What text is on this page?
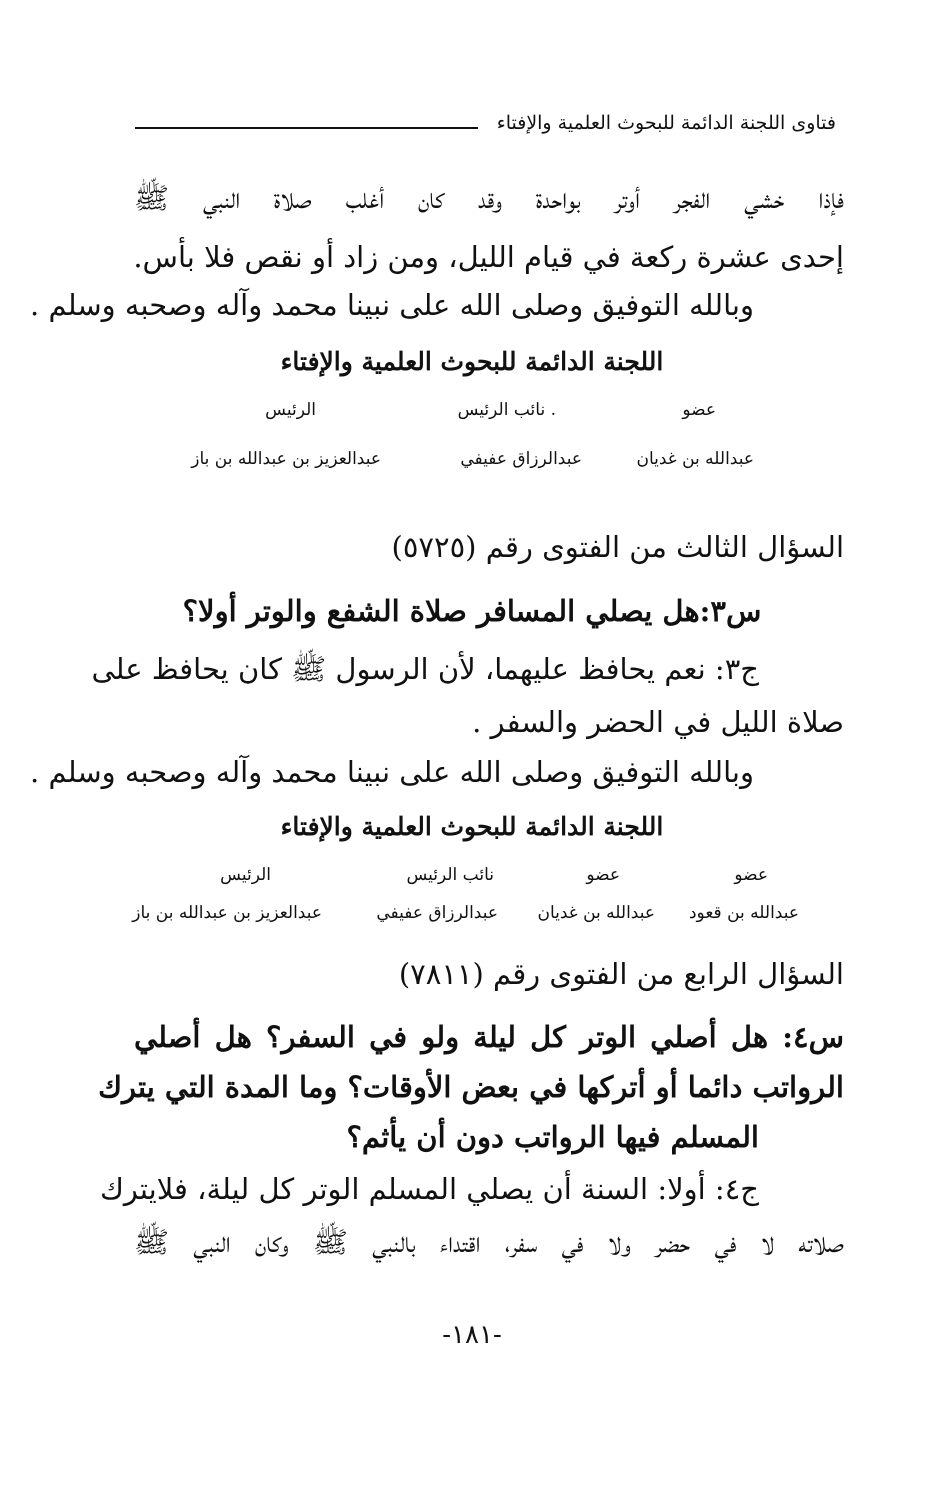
فتاوى اللجنة الدائمة للبحوث العلمية والإفتاء
فإذا خشي الفجر أوتر بواحدة وقد كان أغلب صلاة النبي ﷺ
إحدى عشرة ركعة في قيام الليل، ومن زاد أو نقص فلا بأس.
وبالله التوفيق وصلى الله على نبينا محمد وآله وصحبه وسلم .
اللجنة الدائمة للبحوث العلمية والإفتاء
عضو
. نائب الرئيس
الرئيس
عبدالله بن غديان
عبدالرزاق عفيفي
عبدالعزيز بن عبدالله بن باز
السؤال الثالث من الفتوى رقم (٥٧٢٥)
س٣:هل يصلي المسافر صلاة الشفع والوتر أولا؟
ج٣: نعم يحافظ عليهما، لأن الرسول ﷺ كان يحافظ على
صلاة الليل في الحضر والسفر .
وبالله التوفيق وصلى الله على نبينا محمد وآله وصحبه وسلم .
اللجنة الدائمة للبحوث العلمية والإفتاء
عضو
عضو
نائب الرئيس
الرئيس
عبدالله بن قعود
عبدالله بن غديان
عبدالرزاق عفيفي
عبدالعزيز بن عبدالله بن باز
السؤال الرابع من الفتوى رقم (٧٨١١)
س٤: هل أصلي الوتر كل ليلة ولو في السفر؟ هل أصلي
الرواتب دائما أو أتركها في بعض الأوقات؟ وما المدة التي يترك
المسلم فيها الرواتب دون أن يأثم؟
ج٤: أولا: السنة أن يصلي المسلم الوتر كل ليلة، فلايترك
صلاته لا في حضر ولا في سفر، اقتداء بالنبي ﷺ وكان النبي ﷺ
-١٨١-
